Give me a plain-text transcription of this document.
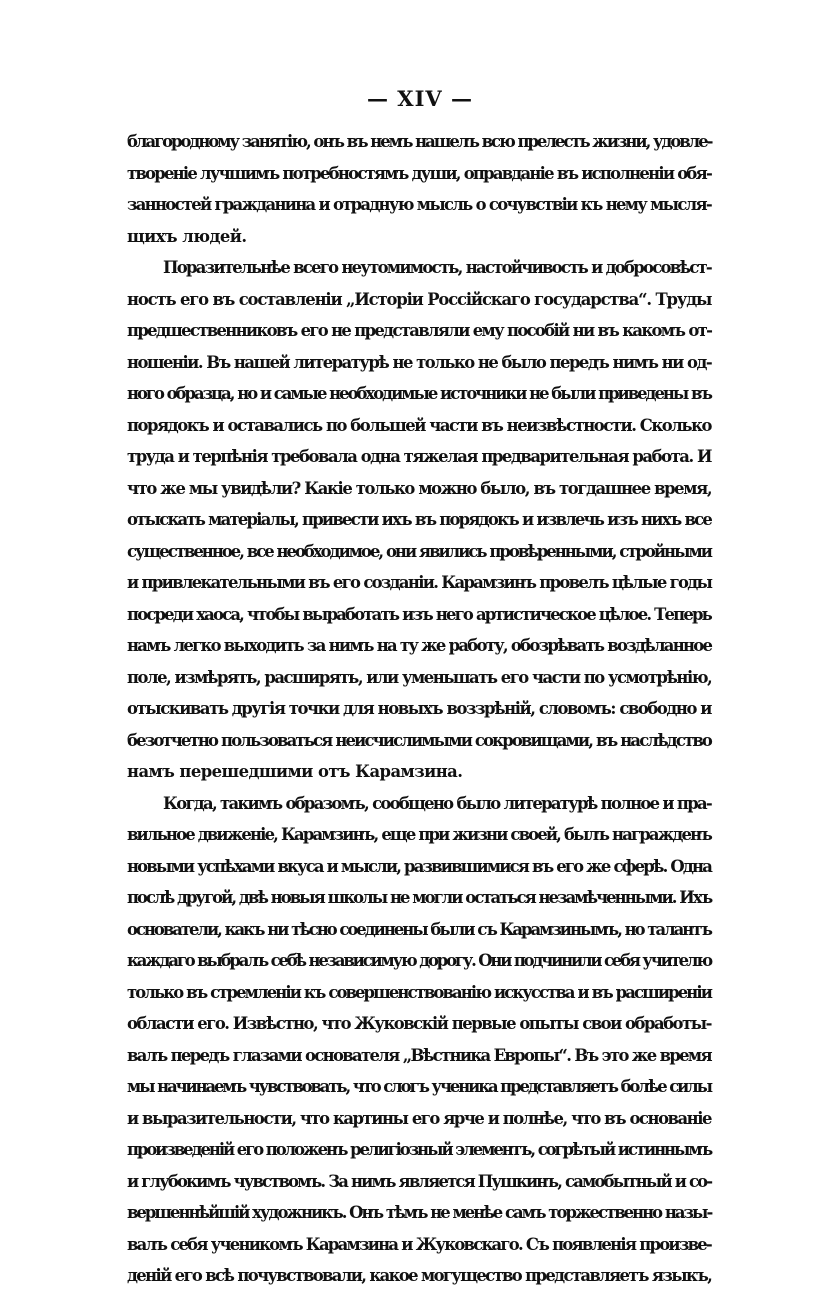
— XIV —

благородному занятію, онъ въ немъ нашелъ всю прелесть жизни, удовле-
твореніе лучшимъ потребностямъ души, оправданіе въ исполненіи обя-
занностей гражданина и отрадную мысль о сочувствіи къ нему мысля-
щихъ людей.

Поразительнѣе всего неутомимость, настойчивость и добросовѣст-
ность его въ составленіи „Исторіи Россійскаго государства“. Труды
предшественниковъ его не представляли ему пособій ни въ какомъ от-
ношеніи. Въ нашей литературѣ не только не было передъ нимъ ни од-
ного образца, но и самые необходимые источники не были приведены въ
порядокъ и оставались по большей части въ неизвѣстности. Сколько
труда и терпѣнія требовала одна тяжелая предварительная работа. И
что же мы увидѣли? Какіе только можно было, въ тогдашнее время,
отыскать матеріалы, привести ихъ въ порядокъ и извлечь изъ нихъ все
существенное, все необходимое, они явились провѣренными, стройными
и привлекательными въ его созданіи. Карамзинъ провелъ цѣлые годы
посреди хаоса, чтобы выработать изъ него артистическое цѣлое. Теперь
намъ легко выходить за нимъ на ту же работу, обозрѣвать воздѣланное
поле, измѣрять, расширять, или уменьшать его части по усмотрѣнію,
отыскивать другія точки для новыхъ воззрѣній, словомъ: свободно и
безотчетно пользоваться неисчислимыми сокровищами, въ наслѣдство
намъ перешедшими отъ Карамзина.

Когда, такимъ образомъ, сообщено было литературѣ полное и пра-
вильное движеніе, Карамзинъ, еще при жизни своей, былъ награжденъ
новыми успѣхами вкуса и мысли, развившимися въ его же сферѣ. Одна
послѣ другой, двѣ новыя школы не могли остаться незамѣченными. Ихъ
основатели, какъ ни тѣсно соединены были съ Карамзинымъ, но талантъ
каждаго выбралъ себѣ независимую дорогу. Они подчинили себя учителю
только въ стремленіи къ совершенствованію искусства и въ расширеніи
области его. Извѣстно, что Жуковскій первые опыты свои обработы-
валъ передъ глазами основателя „Вѣстника Европы“. Въ это же время
мы начинаемъ чувствовать, что слогъ ученика представляетъ болѣе силы
и выразительности, что картины его ярче и полнѣе, что въ основаніе
произведеній его положенъ религіозный элементъ, согрѣтый истиннымъ
и глубокимъ чувствомъ. За нимъ является Пушкинъ, самобытный и со-
вершеннѣйшій художникъ. Онъ тѣмъ не менѣе самъ торжественно назы-
валъ себя ученикомъ Карамзина и Жуковскаго. Съ появленія произве-
деній его всѣ почувствовали, какое могущество представляетъ языкъ,
